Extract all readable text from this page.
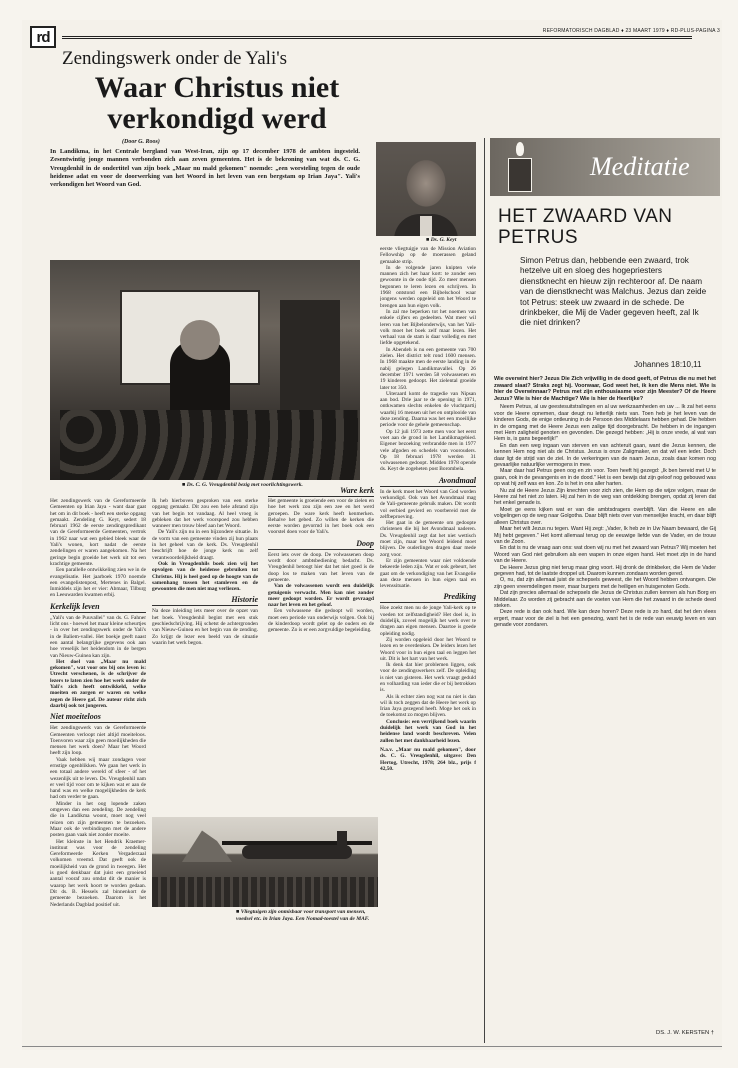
rd	REFORMATORISCH DAGBLAD ♦ 23 MAART 1979 ♦ RD-PLUS-PAGINA 3
Zendingswerk onder de Yali's
Waar Christus niet
verkondigd werd
(Door G. Roos)
■ Ds. G. Keyt
In Landikma, in het Centrale bergland van West-Iran, zijn op 17 december 1978 de ambten ingesteld. Zesentwintig jonge mannen verbonden zich aan zeven gemeenten. Het is de bekroning van wat ds. C. G. Vreugdenhil in de ondertitel van zijn boek „Maar nu mald gekomen" noemde: „een worsteling tegen de oude heidense adat en voor de doorwerking van het Woord in het leven van een bergstam op Irian Jaya". Yali's verkondigen het Woord van God.
■ Ds. C. G. Vreugdenhil bezig met voorlichtingswerk.
■ Vliegtuigen zijn onmisbaar voor transport van mensen, voedsel etc. in Irian Jaya. Een Nomad-toestel van de MAF.

Het zendingswerk van de Gereformeerde Gemeenten op Irian Jaya - want daar gaat het om in dit boek - heeft een sterke opgang gemaakt. Zendeling G. Keyt, sedert 18 februari 1962 de eerste zendingspredikant van de Gereformeerde Gemeenten, vertrok in 1962 naar wat een gebied bleek waar de Yali's wonen, kort nadat de eerste zendelingen er waren aangekomen. Na het geringe begin groeide het werk uit tot een krachtige gemeente.

Een parallelle ontwikkeling zien we in de evangelisatie. Het jaarboek 1970 noemde een evangelistenpost, Mertenes in Balgel. Inmiddels zijn het er vier: Abmaar, Tilburg en Leeuwarden kwamen erbij.

Kerkelijk leven

„Yali's van de Puuvallei" van ds. G. Fahner licht ons - hoewel het maar kleine scheurtjes - in over het zendingswerk onder de Yali's in de Baliem-vallei. Het boekje geeft naast een aantal belangrijke gegevens ook aan hoe vreselijk het heidendom in de bergen van Nieuw-Guinea kan zijn.

Het doel van „Maar nu mald gekomen", wat voor ons bij ons leven is: Utrecht verschenen, is de schrijver de lezers te laten zien hoe het werk onder de Yali's zich heeft ontwikkeld, welke moeiten en zorgen er waren en welke zegen de Heere gaf. De auteur richt zich daarbij ook tot jongeren.

Niet moeiteloos

Het zendingswerk van de Gereformeerde Gemeenten verloopt niet altijd moeiteloos. Toenvoren waar zijn geen moeilijkheden die mensen het werk doen? Maar het Woord heeft zijn loop.

Vaak hebben wij maar zondagen voor ernstige ogenblikken. We gaan het werk in een totaal andere wereld of sfeer - of het wezenlijk uit te leven. Ds. Vreugdenhil nam er veel tijd voor om te kijken wat er aan de hand was en welke mogelijkheden de kerk had om verder te gaan.

Minder in het oog lopende zaken omgeven dan een zendeling. De zendeling die in Landikma woont, moet nog veel reizen om zijn gemeenten te bezoeken. Maar ook de verbindingen met de andere posten gaan vaak niet zonder moeite.

Het kleinste in het Hendrik Kraemer-instituut was voor de zendeling Gereformeerde Kerken Vergaderzaal volkomen vreemd. Dat geeft ook de moeilijkheid van de grond in tweegen. Het is goed denkbaar dat juist een groeiend aantal vooraf zou omdat dit de manier is waarop het werk hoort te worden gedaan. Dit ds. B. Hessels zal binnenkort de gemeente bezoeken. Daarom is het Nederlands Dagblad positief uit.

Ik heb hierboven gesproken van een sterke opgang gemaakt. Dit zou een hele afstand zijn van het begin tot vandaag. Al heel vroeg is gebleken dat het werk voorspoed zou hebben wanneer men trouw bleef aan het Woord.

De Yali's zijn nu in een bijzondere situatie. In de vorm van een gemeente vinden zij hun plaats in het geheel van de kerk. Ds. Vreugdenhil beschrijft hoe de jonge kerk nu zelf verantwoordelijkheid draagt.

Ook in Vreugdenhils boek zien wij het opvolgen van de heidense gebruiken tot Christus. Hij is heel goed op de hoogte van de samenhang tussen het stamleven en de gewoonten die men niet mag verliezen.

Historie

Na deze inleiding iets meer over de opzet van het boek. Vreugdenhil begint met een stuk geschiedschrijving. Hij schetst de achtergronden van Nieuw-Guinea en het begin van de zending. Zo krijgt de lezer een beeld van de situatie waarin het werk begon.

Het gemeente is groeiende een voor de zielen en hoe het werk zou zijn een zee en het werd geroepen. De ware kerk heeft kenmerken. Behalve het gebed. Zo willen de kerken die eerste worden gevormd in het boek ook een voorstel doen voor de Yali's.

Doop

Eerst iets over de doop. De volwassenen doop wordt door ambtsbediening bedacht. Ds. Vreugdenhil betoogt hier dat het niet goed is de doop los te maken van het leven van de gemeente.

Van de volwassenen wordt een duidelijk getuigenis verwacht. Men kan niet zonder meer gedoopt worden. Er wordt gevraagd naar het leven en het geloof.

Een volwassene die gedoopt wil worden, moet een periode van onderwijs volgen. Ook bij de kinderdoop wordt gelet op de ouders en de gemeente. Zo is er een zorgvuldige begeleiding.

eerste vliegtuigje van de Mission Aviation Fellowship op de moerassen geland gemaakte strip.

In de volgende jaren knipten vele mannen zich het haar kort: te zonder een gewoonte in de oude tijd. Zo meer mensen begonnen te leren lezen en schrijven. In 1968 ontstond een Bijbelschool waar jongens werden opgeleid om het Woord te brengen aan hun eigen volk.

In zal me beperken tot het noemen van enkele cijfers en gedeelten. Wat meer wil leren van het Bijbelonderwijs, van het Yali-volk moet het boek zelf maar lezen. Het verhaal van de stam is daar volledig en met liefde opgetekend.

In Abendeh is nu een gemeente van 700 zielen. Het district telt rond 1600 mensen. In 1968 maakte men de eerste landing in de nabij gelegen Landikmavallei. Op 26 december 1971 werden 58 volwassenen en 19 kinderen gedoopt. Het zielental groeide later tot 350.

Uiteraard komt de tragedie van Nipsan aan bod. Drie jaar te de opening in 1971, ontkwamen slechts enkelen de vluchtpartij waarbij 16 mensen uit het en ontplooide van deze zending. Daarna was het een moeilijke periode voor de gehele gemeenschap.

Op 12 juli 1973 zette men voor het eerst voet aan de grond in het Landikmagebied. Eigener bezoeking verbrandde men in 1977 vele afgoden en schedels van voorouders. Op 18 februari 1978 werden 31 volwassenen gedoopt. Midden 1978 opende ds. Keyt de zogeheten post Borombela.

Avondmaal

In de kerk moet het Woord van God worden verkondigd. Ook van het Avondmaal mag de Yali-gemeente gebruik maken. Dit wordt vol eerbied gevierd en voorbereid met de zelfbeproeving.

Het gaat in de gemeente om gedoopte christenen die bij het Avondmaal naderen. Ds. Vreugdenhil zegt dat het niet wettisch moet zijn, maar het Woord leidend moet blijven. De ouderlingen dragen daar mede zorg voor.

Er zijn gemeenten waar niet voldoende bekeerde leden zijn. Wat er ook gebeurt, het gaat om de verkondiging van het Evangelie aan deze mensen in hun eigen taal en levenssituatie.

Prediking

Hoe zoekt men nu de jonge Yali-kerk op te voeden tot zelfstandigheid? Het doel is, in duidelijk, zoveel mogelijk het werk over te dragen aan eigen mensen. Daartoe is goede opleiding nodig.

Zij worden opgeleid door het Woord te lezen en te overdenken. De leiders lezen het Woord voor in hun eigen taal en leggen het uit. Dit is het hart van het werk.

Ik denk dat hier problemen liggen, ook voor de zendingswerkers zelf. De opleiding is niet van gisteren. Het werk vraagt geduld en volharding van ieder die er bij betrokken is.

Als ik echter zien nog wat nu niet is dan wil ik toch zeggen dat de Heere het werk op Irian Jaya gezegend heeft. Moge het ook in de toekomst zo mogen blijven.

Conclusie: een verrijkend boek waarin duidelijk het werk van God in het heidense land wordt beschreven. Velen zullen het met dankbaarheid lezen.

N.a.v. „Maar nu mald gekomen", door ds. C. G. Vreugdenhil, uitgave: Den Hertog, Utrecht, 1978; 264 blz., prijs f 42,50.

Ware kerk
Meditatie
HET ZWAARD VAN PETRUS
Simon Petrus dan, hebbende een zwaard, trok hetzelve uit en sloeg des hogepriesters dienstknecht en hieuw zijn rechteroor af. De naam van de dienstknecht was Malchus. Jezus dan zeide tot Petrus: steek uw zwaard in de schede. De drinkbeker, die Mij de Vader gegeven heeft, zal Ik die niet drinken?
Johannes 18:10,11

Wie overwint hier? Jezus Die Zich vrijwillig in de dood geeft, of Petrus die nu met het zwaard slaat? Straks zegt hij. Voorwaar, God weet het, ik ken die Mens niet. Wie is hier de Overwinnaar? Petrus met zijn enthousiasme voor zijn Meester? Of de Heere Jezus? Wie is hier de Machtige? Wie is hier de Heerlijke?

Neem Petrus, al uw geestesuitstralingen en al uw werkzaamheden en uw ... Ik zal het eens voor de Heere opnemen, daar deugt nu letterlijk niets van. Toen heb je het leven van de kinderen Gods, de enige ontleuning in de Persoon des Middelaars hebben gehad. Die hebben in de omgang met de Heere Jezus een zalige tijd doorgebracht. De hebben in de ingangen met Hem zaligheid genoten en gevonden. Die gezegd hebben: „Hij is onze vrede, al wat van Hem is, is gans begeerlijk!"

En dan een weg ingaan van sterven en van achteruit gaan, want die Jezus kennen, die kennen Hem nog niet als de Christus. Jezus is onze Zaligmaker, en dat wil een ieder. Doch daar ligt de strijd van de ziel. In de verkeringen van de naam Jezus, zoals daar komen nog gevaarlijke natuurlijke vermogens in mee.

Maar daar had Petrus geen oog en zin voor. Toen heeft hij gezegd: „Ik ben bereid met U te gaan, ook in de gevangenis en in de dood." Het is een bewijs dat zijn geloof nog gebouwd was op wat hij zelf was en kon. Zo is het in ons aller harten.

Nu zal de Heere Jezus Zijn knechten voor zich zien, die Hem op die wijze volgen, maar de Heere zal het niet zo laten. Hij zal hen in de weg van ontdekking brengen, opdat zij leren dat het enkel genade is.

Moet ge eens kijken wat er van die ambtsdragers overblijft. Van die Heere en alle volgelingen op de weg naar Golgotha. Daar blijft niets over van menselijke kracht, en daar blijft alleen Christus over.

Maar het wilt Jezus nu tegen. Want Hij zegt: „Vader, Ik heb ze in Uw Naam bewaard, die Gij Mij hebt gegeven." Het komt allemaal terug op de eeuwige liefde van de Vader, en de trouw van de Zoon.

En dat is nu de vraag aan ons: wat doen wij nu met het zwaard van Petrus? Wij moeten het Woord van God niet gebruiken als een wapen in onze eigen hand. Het moet zijn in de hand van de Heere.

De Heere Jezus ging niet terug maar ging voort. Hij dronk de drinkbeker, die Hem de Vader gegeven had, tot de laatste droppel uit. Daarom kunnen zondaars worden gered.

O, nu, dat zijn allemaal juist de schepsels geweest, die het Woord hebben ontvangen. Die zijn geen vreemdelingen meer, maar burgers met de heiligen en huisgenoten Gods.

Dat zijn precies allemaal de schepsels die Jezus de Christus zullen kennen als hun Borg en Middelaar. Zo worden zij gebracht aan de voeten van Hem die het zwaard in de schede deed steken.

Deze rede is dan ook hard. Wie kan deze horen? Deze rede is zo hard, dat het den vlees ergert, maar voor de ziel is het een genezing, want het is de rede van eeuwig leven en van genade voor zondaren.

DS. J. W. KERSTEN †
